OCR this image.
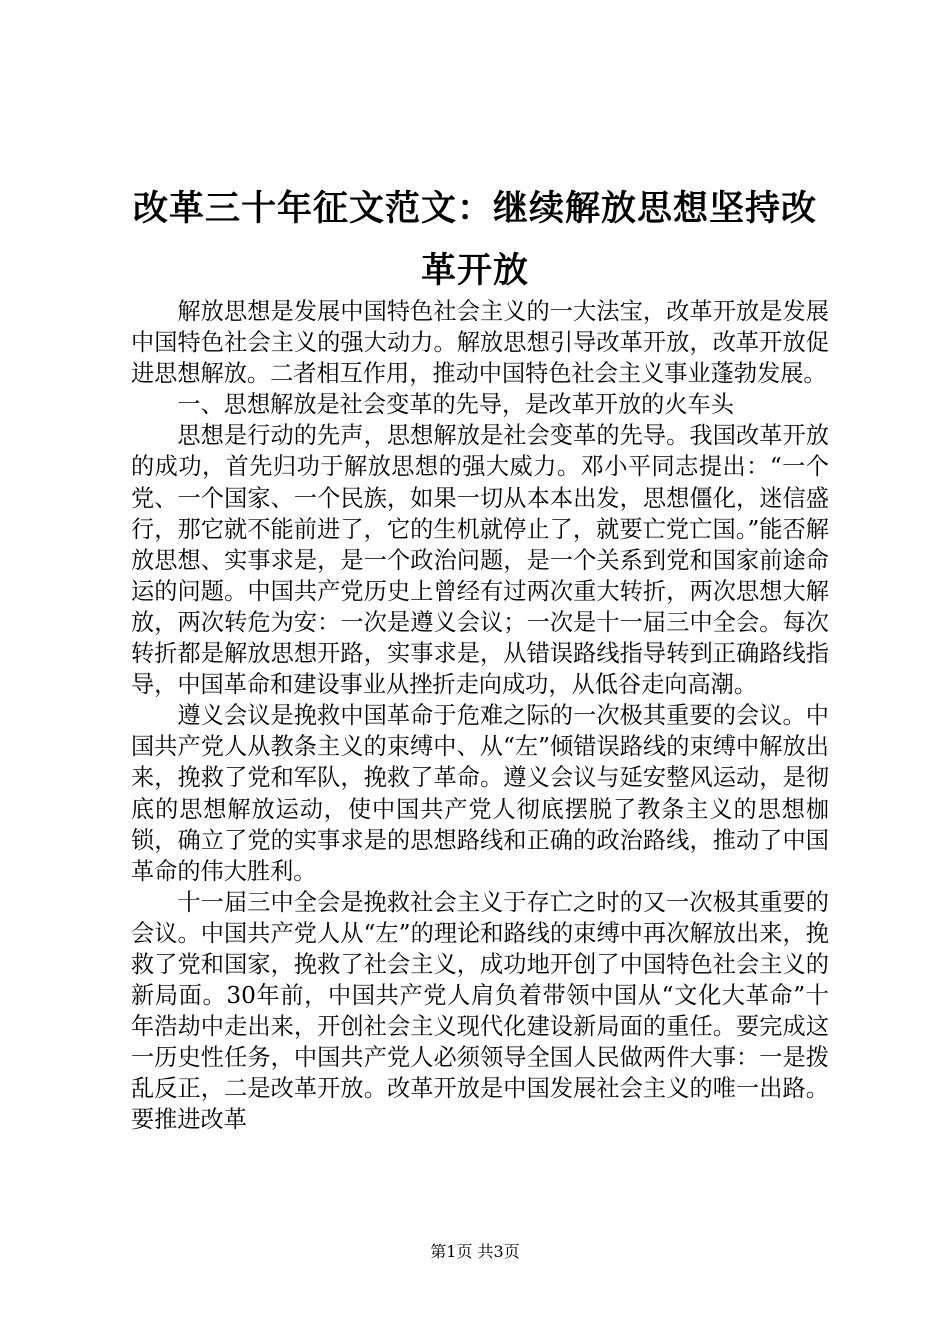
改革三十年征文范文：继续解放思想坚持改革开放

解放思想是发展中国特色社会主义的一大法宝，改革开放是发展中国特色社会主义的强大动力。解放思想引导改革开放，改革开放促进思想解放。二者相互作用，推动中国特色社会主义事业蓬勃发展。

一、思想解放是社会变革的先导，是改革开放的火车头

思想是行动的先声，思想解放是社会变革的先导。我国改革开放的成功，首先归功于解放思想的强大威力。邓小平同志提出：“一个党、一个国家、一个民族，如果一切从本本出发，思想僵化，迷信盛行，那它就不能前进了，它的生机就停止了，就要亡党亡国。”能否解放思想、实事求是，是一个政治问题，是一个关系到党和国家前途命运的问题。中国共产党历史上曾经有过两次重大转折，两次思想大解放，两次转危为安：一次是遵义会议；一次是十一届三中全会。每次转折都是解放思想开路，实事求是，从错误路线指导转到正确路线指导，中国革命和建设事业从挫折走向成功，从低谷走向高潮。

遵义会议是挽救中国革命于危难之际的一次极其重要的会议。中国共产党人从教条主义的束缚中、从“左”倾错误路线的束缚中解放出来，挽救了党和军队，挽救了革命。遵义会议与延安整风运动，是彻底的思想解放运动，使中国共产党人彻底摆脱了教条主义的思想枷锁，确立了党的实事求是的思想路线和正确的政治路线，推动了中国革命的伟大胜利。

十一届三中全会是挽救社会主义于存亡之时的又一次极其重要的会议。中国共产党人从“左”的理论和路线的束缚中再次解放出来，挽救了党和国家，挽救了社会主义，成功地开创了中国特色社会主义的新局面。30年前，中国共产党人肩负着带领中国从“文化大革命”十年浩劫中走出来，开创社会主义现代化建设新局面的重任。要完成这一历史性任务，中国共产党人必须领导全国人民做两件大事：一是拨乱反正，二是改革开放。改革开放是中国发展社会主义的唯一出路。要推进改革

第1页 共3页
